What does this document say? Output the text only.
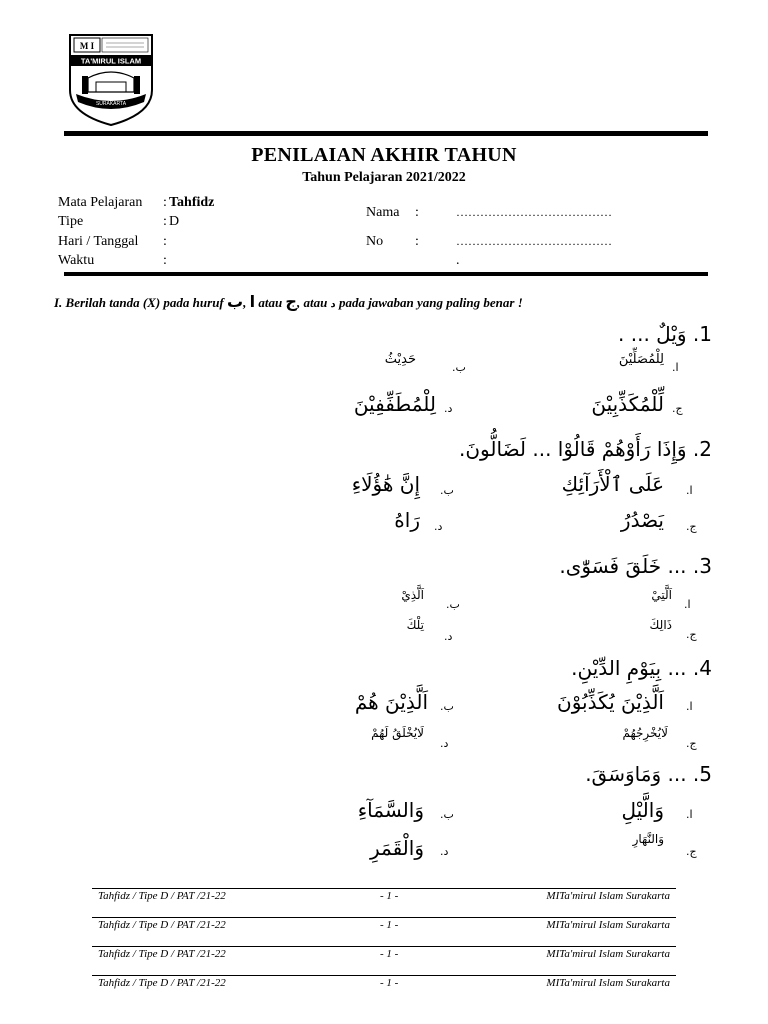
M I
TA'MIRUL ISLAM
SURAKARTA
PENILAIAN AKHIR TAHUN
Tahun Pelajaran 2021/2022
Mata Pelajaran : Tahfidz
Tipe	: D
Hari / Tanggal :
Waktu	:
Nama :	…………………………………
No :	…………………………………
.
I. Berilah tanda (X) pada huruf ب, ا atau ج, atau د pada jawaban yang paling benar !
1. وَيْلٌ ... .
ا.
لِلْمُصَلِّيْنَ
ب.
حَدِيْثُ
ج.
لِّلْمُكَذِّبِيْنَ
د.
لِلْمُطَفِّفِيْنَ
2. وَإِذَا رَأَوْهُمْ قَالُوْا ... لَضَالُّونَ.
ا.
عَلَى ٱلْأَرَآئِكِ
ب.
إِنَّ هَٰؤُلَاءِ
ج.
يَصْدُرُ
د.
رَاهُ
3. ... خَلَقَ فَسَوّٰى.
ا.
اَلَّتِيْ
ب.
اَلَّذِيْ
ج.
ذَالِكَ
د.
تِلْكَ
4. ... بِيَوْمِ الدِّيْنِ.
ا.
اَلَّذِيْنَ يُكَذِّبُوْنَ
ب.
اَلَّذِيْنَ هُمْ
ج.
لَايُخْرِجُهُمْ
د.
لَايُخْلَقُ لَهُمْ
5. ... وَمَاوَسَقَ.
ا.
وَالَّيْلِ
ب.
وَالسَّمَآءِ
ج.
وَالنَّهَارِ
د.
وَالْقَمَرِ
Tahfidz / Tipe D / PAT /21-22	- 1 -	MITa'mirul Islam Surakarta
Tahfidz / Tipe D / PAT /21-22	- 1 -	MITa'mirul Islam Surakarta
Tahfidz / Tipe D / PAT /21-22	- 1 -	MITa'mirul Islam Surakarta
Tahfidz / Tipe D / PAT /21-22	- 1 -	MITa'mirul Islam Surakarta
